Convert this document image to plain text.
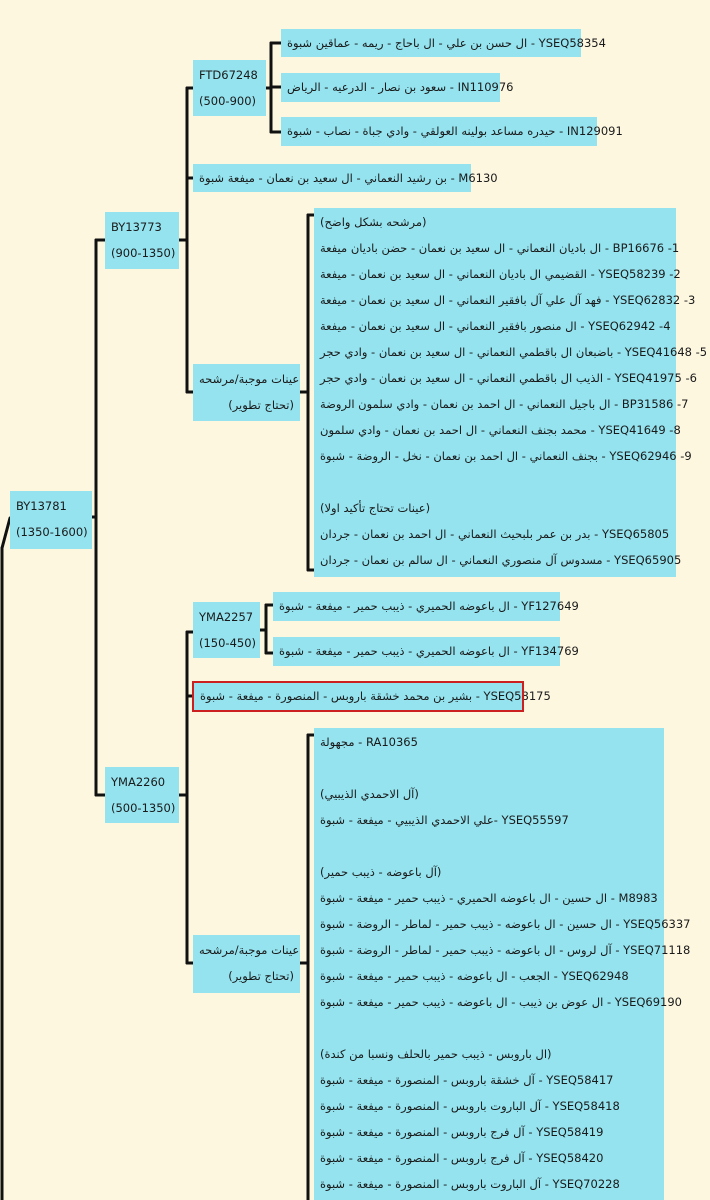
BY13781
(1350-1600)
BY13773
(900-1350)
FTD67248
(500-900)
ال حسن بن علي - ال باحاج - ريمه - عماقين شبوة - YSEQ58354
سعود بن نصار - الدرعيه - الرياض - IN110976
حيدره مساعد بولينه العولقي - وادي جباة - نصاب - شبوة - IN129091
بن رشيد النعماني - ال سعيد بن نعمان - ميفعة شبوة - M6130
عينات موجبة/مرشحه
(تحتاج تطوير)
(مرشحه بشكل واضح)
ال باديان النعماني - ال سعيد بن نعمان - حضن باديان ميفعة - BP16676 -1
القضيمي ال باديان النعماني - ال سعيد بن نعمان - ميفعة - YSEQ58239 -2
فهد آل علي آل بافقير النعماني - ال سعيد بن نعمان - ميفعة - YSEQ62832 -3
ال منصور بافقير النعماني - ال سعيد بن نعمان - ميفعة - YSEQ62942 -4
باضبعان ال باقطمي النعماني - ال سعيد بن نعمان - وادي حجر - YSEQ41648 -5
الذيب ال باقطمي النعماني - ال سعيد بن نعمان - وادي حجر - YSEQ41975 -6
ال باجيل النعماني - ال احمد بن نعمان - وادي سلمون الروضة - BP31586 -7
محمد بجنف النعماني - ال احمد بن نعمان - وادي سلمون - YSEQ41649 -8
بجنف النعماني - ال احمد بن نعمان - نخل - الروضة - شبوة - YSEQ62946 -9
(عينات تحتاج تأكيد اولا)
بدر بن عمر بلبحيث النعماني - ال احمد بن نعمان - جردان - YSEQ65805
مسدوس آل منصوري النعماني - ال سالم بن نعمان - جردان - YSEQ65905
YMA2260
(500-1350)
YMA2257
(150-450)
ال باعوضه الحميري - ذيبب حمير - ميفعة - شبوة - YF127649
ال باعوضه الحميري - ذيبب حمير - ميفعة - شبوة - YF134769
بشير بن محمد خشقة باروبس - المنصورة - ميفعة - شبوة - YSEQ58175
عينات موجبة/مرشحه
(تحتاج تطوير)
مجهولة - RA10365
(آل الاحمدي الذيبيي)
علي الاحمدي الذيبيي - ميفعة - شبوة- YSEQ55597
(آل باعوضه - ذيبب حمير)
ال حسين - ال باعوضه الحميري - ذيبب حمير - ميفعة - شبوة - M8983
ال حسين - ال باعوضه - ذيبب حمير - لماطر - الروضة - شبوة - YSEQ56337
آل لروس - ال باعوضه - ذيبب حمير - لماطر - الروضة - شبوة - YSEQ71118
الجعب - ال باعوضه - ذيبب حمير - ميفعة - شبوة - YSEQ62948
ال عوض بن ذيبب - ال باعوضه - ذيبب حمير - ميفعة - شبوة - YSEQ69190
(ال باروبس - ذيبب حمير بالحلف ونسبا من كندة)
آل خشقة باروبس - المنصورة - ميفعة - شبوة - YSEQ58417
آل الباروت باروبس - المنصورة - ميفعة - شبوة - YSEQ58418
آل فرج باروبس - المنصورة - ميفعة - شبوة - YSEQ58419
آل فرج باروبس - المنصورة - ميفعة - شبوة - YSEQ58420
آل الباروت باروبس - المنصورة - ميفعة - شبوة - YSEQ70228
